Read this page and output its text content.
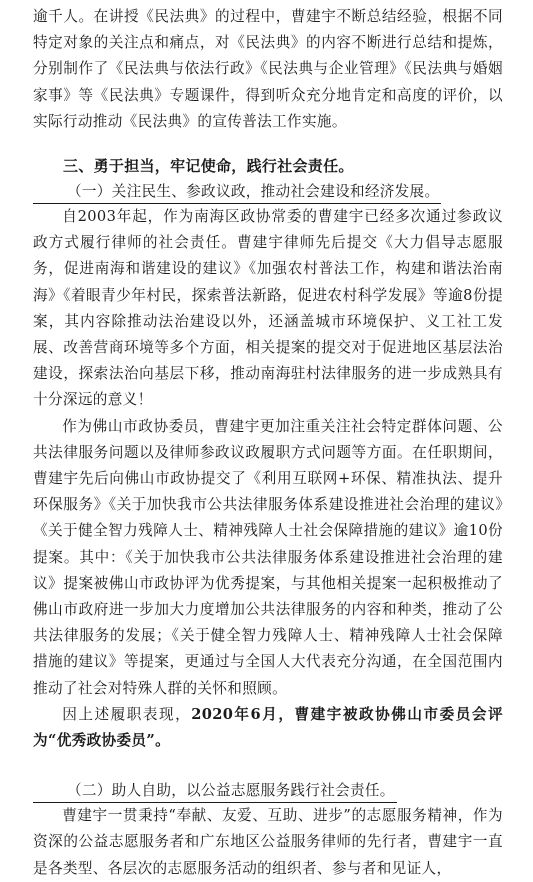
逾千人。在讲授《民法典》的过程中，曹建宇不断总结经验，根据不同特定对象的关注点和痛点，对《民法典》的内容不断进行总结和提炼，分别制作了《民法典与依法行政》《民法典与企业管理》《民法典与婚姻家事》等《民法典》专题课件，得到听众充分地肯定和高度的评价，以实际行动推动《民法典》的宣传普法工作实施。

三、勇于担当，牢记使命，践行社会责任。

（一）关注民生、参政议政，推动社会建设和经济发展。

自2003年起，作为南海区政协常委的曹建宇已经多次通过参政议政方式履行律师的社会责任。曹建宇律师先后提交《大力倡导志愿服务，促进南海和谐建设的建议》《加强农村普法工作，构建和谐法治南海》《着眼青少年村民，探索普法新路，促进农村科学发展》等逾8份提案，其内容除推动法治建设以外，还涵盖城市环境保护、义工社工发展、改善营商环境等多个方面，相关提案的提交对于促进地区基层法治建设，探索法治向基层下移，推动南海驻村法律服务的进一步成熟具有十分深远的意义！

作为佛山市政协委员，曹建宇更加注重关注社会特定群体问题、公共法律服务问题以及律师参政议政履职方式问题等方面。在任职期间，曹建宇先后向佛山市政协提交了《利用互联网+环保、精准执法、提升环保服务》《关于加快我市公共法律服务体系建设推进社会治理的建议》《关于健全智力残障人士、精神残障人士社会保障措施的建议》逾10份提案。其中：《关于加快我市公共法律服务体系建设推进社会治理的建议》提案被佛山市政协评为优秀提案，与其他相关提案一起积极推动了佛山市政府进一步加大力度增加公共法律服务的内容和种类，推动了公共法律服务的发展；《关于健全智力残障人士、精神残障人士社会保障措施的建议》等提案，更通过与全国人大代表充分沟通，在全国范围内推动了社会对特殊人群的关怀和照顾。

因上述履职表现，2020年6月，曹建宇被政协佛山市委员会评为“优秀政协委员”。

（二）助人自助，以公益志愿服务践行社会责任。

曹建宇一贯秉持“奉献、友爱、互助、进步”的志愿服务精神，作为资深的公益志愿服务者和广东地区公益服务律师的先行者，曹建宇一直是各类型、各层次的志愿服务活动的组织者、参与者和见证人，
